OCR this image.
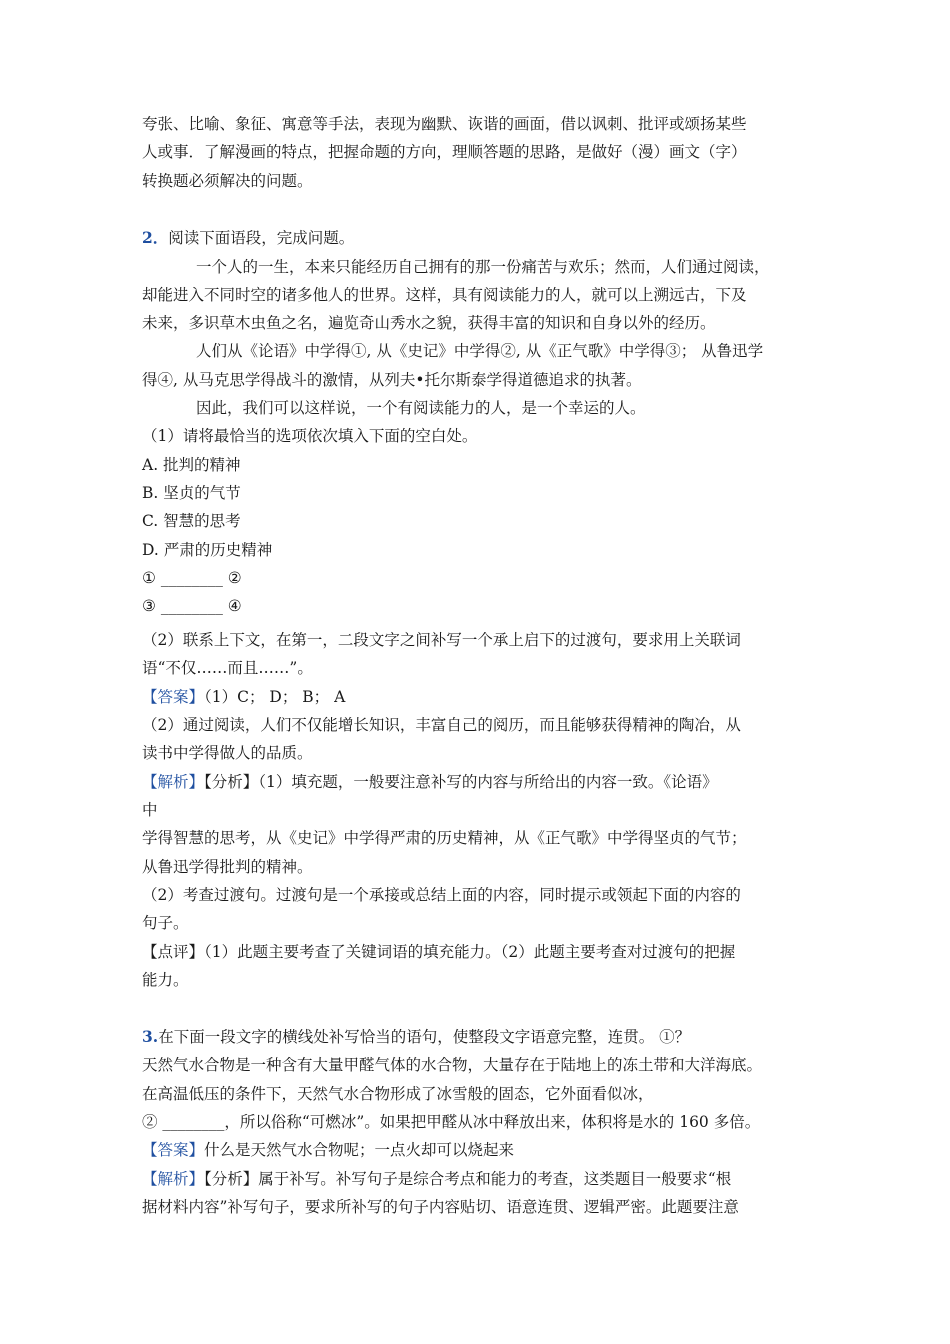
夸张、比喻、象征、寓意等手法，表现为幽默、诙谐的画面，借以讽刺、批评或颂扬某些
人或事．了解漫画的特点，把握命题的方向，理顺答题的思路，是做好（漫）画文（字）
转换题必须解决的问题。
2．阅读下面语段，完成问题。
一个人的一生，本来只能经历自己拥有的那一份痛苦与欢乐；然而，人们通过阅读，
却能进入不同时空的诸多他人的世界。这样，具有阅读能力的人，就可以上溯远古，下及
未来，多识草木虫鱼之名，遍览奇山秀水之貌，获得丰富的知识和自身以外的经历。
人们从《论语》中学得①, 从《史记》中学得②, 从《正气歌》中学得③； 从鲁迅学
得④, 从马克思学得战斗的激情，从列夫•托尔斯泰学得道德追求的执著。
因此，我们可以这样说，一个有阅读能力的人，是一个幸运的人。
（1）请将最恰当的选项依次填入下面的空白处。
A. 批判的精神
B. 坚贞的气节
C. 智慧的思考
D. 严肃的历史精神
① ________ ②
③ ________ ④
（2）联系上下文，在第一，二段文字之间补写一个承上启下的过渡句，要求用上关联词
语“不仅……而且……”。
【答案】（1）C； D； B； A
（2）通过阅读，人们不仅能增长知识，丰富自己的阅历，而且能够获得精神的陶冶，从
读书中学得做人的品质。
【解析】【分析】（1）填充题，一般要注意补写的内容与所给出的内容一致。《论语》
中
学得智慧的思考，从《史记》中学得严肃的历史精神，从《正气歌》中学得坚贞的气节；
从鲁迅学得批判的精神。
（2）考查过渡句。过渡句是一个承接或总结上面的内容，同时提示或领起下面的内容的
句子。
【点评】（1）此题主要考查了关键词语的填充能力。（2）此题主要考查对过渡句的把握
能力。
3.在下面一段文字的横线处补写恰当的语句，使整段文字语意完整，连贯。 ①？
天然气水合物是一种含有大量甲醛气体的水合物，大量存在于陆地上的冻土带和大洋海底。
在高温低压的条件下，天然气水合物形成了冰雪般的固态，它外面看似冰，
② ________，所以俗称“可燃冰”。如果把甲醛从冰中释放出来，体积将是水的 160 多倍。
【答案】什么是天然气水合物呢；一点火却可以烧起来
【解析】【分析】属于补写。补写句子是综合考点和能力的考查，这类题目一般要求“根
据材料内容”补写句子，要求所补写的句子内容贴切、语意连贯、逻辑严密。此题要注意
